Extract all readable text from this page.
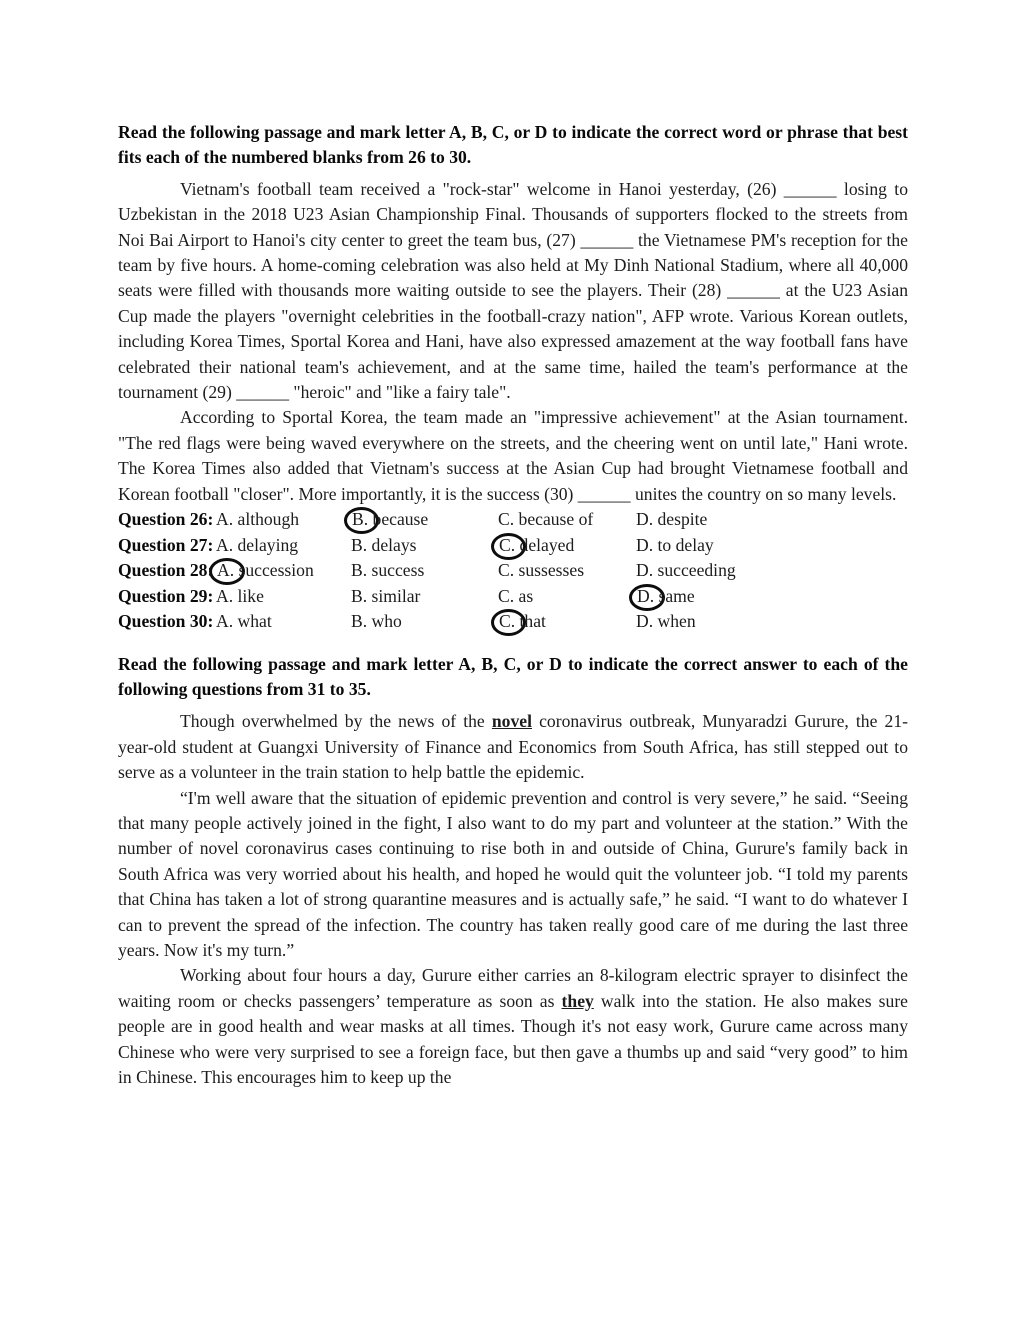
Read the following passage and mark letter A, B, C, or D to indicate the correct word or phrase that best fits each of the numbered blanks from 26 to 30.

Vietnam's football team received a "rock-star" welcome in Hanoi yesterday, (26) ______ losing to Uzbekistan in the 2018 U23 Asian Championship Final. Thousands of supporters flocked to the streets from Noi Bai Airport to Hanoi's city center to greet the team bus, (27) ______ the Vietnamese PM's reception for the team by five hours. A home-coming celebration was also held at My Dinh National Stadium, where all 40,000 seats were filled with thousands more waiting outside to see the players. Their (28) ______ at the U23 Asian Cup made the players "overnight celebrities in the football-crazy nation", AFP wrote. Various Korean outlets, including Korea Times, Sportal Korea and Hani, have also expressed amazement at the way football fans have celebrated their national team's achievement, and at the same time, hailed the team's performance at the tournament (29) ______ "heroic" and "like a fairy tale".

According to Sportal Korea, the team made an "impressive achievement" at the Asian tournament. "The red flags were being waved everywhere on the streets, and the cheering went on until late," Hani wrote. The Korea Times also added that Vietnam's success at the Asian Cup had brought Vietnamese football and Korean football "closer". More importantly, it is the success (30) ______ unites the country on so many levels.

Question 26: A. although	B. because	C. because of	D. despite
Question 27: A. delaying	B. delays	C. delayed	D. to delay
Question 28: A. succession	B. success	C. sussesses	D. succeeding
Question 29: A. like	B. similar	C. as	D. same
Question 30: A. what	B. who	C. that	D. when

Read the following passage and mark letter A, B, C, or D to indicate the correct answer to each of the following questions from 31 to 35.

Though overwhelmed by the news of the novel coronavirus outbreak, Munyaradzi Gurure, the 21-year-old student at Guangxi University of Finance and Economics from South Africa, has still stepped out to serve as a volunteer in the train station to help battle the epidemic.

“I'm well aware that the situation of epidemic prevention and control is very severe,” he said. “Seeing that many people actively joined in the fight, I also want to do my part and volunteer at the station.” With the number of novel coronavirus cases continuing to rise both in and outside of China, Gurure's family back in South Africa was very worried about his health, and hoped he would quit the volunteer job. “I told my parents that China has taken a lot of strong quarantine measures and is actually safe,” he said. “I want to do whatever I can to prevent the spread of the infection. The country has taken really good care of me during the last three years. Now it's my turn.”

Working about four hours a day, Gurure either carries an 8-kilogram electric sprayer to disinfect the waiting room or checks passengers’ temperature as soon as they walk into the station. He also makes sure people are in good health and wear masks at all times. Though it's not easy work, Gurure came across many Chinese who were very surprised to see a foreign face, but then gave a thumbs up and said “very good” to him in Chinese. This encourages him to keep up the
